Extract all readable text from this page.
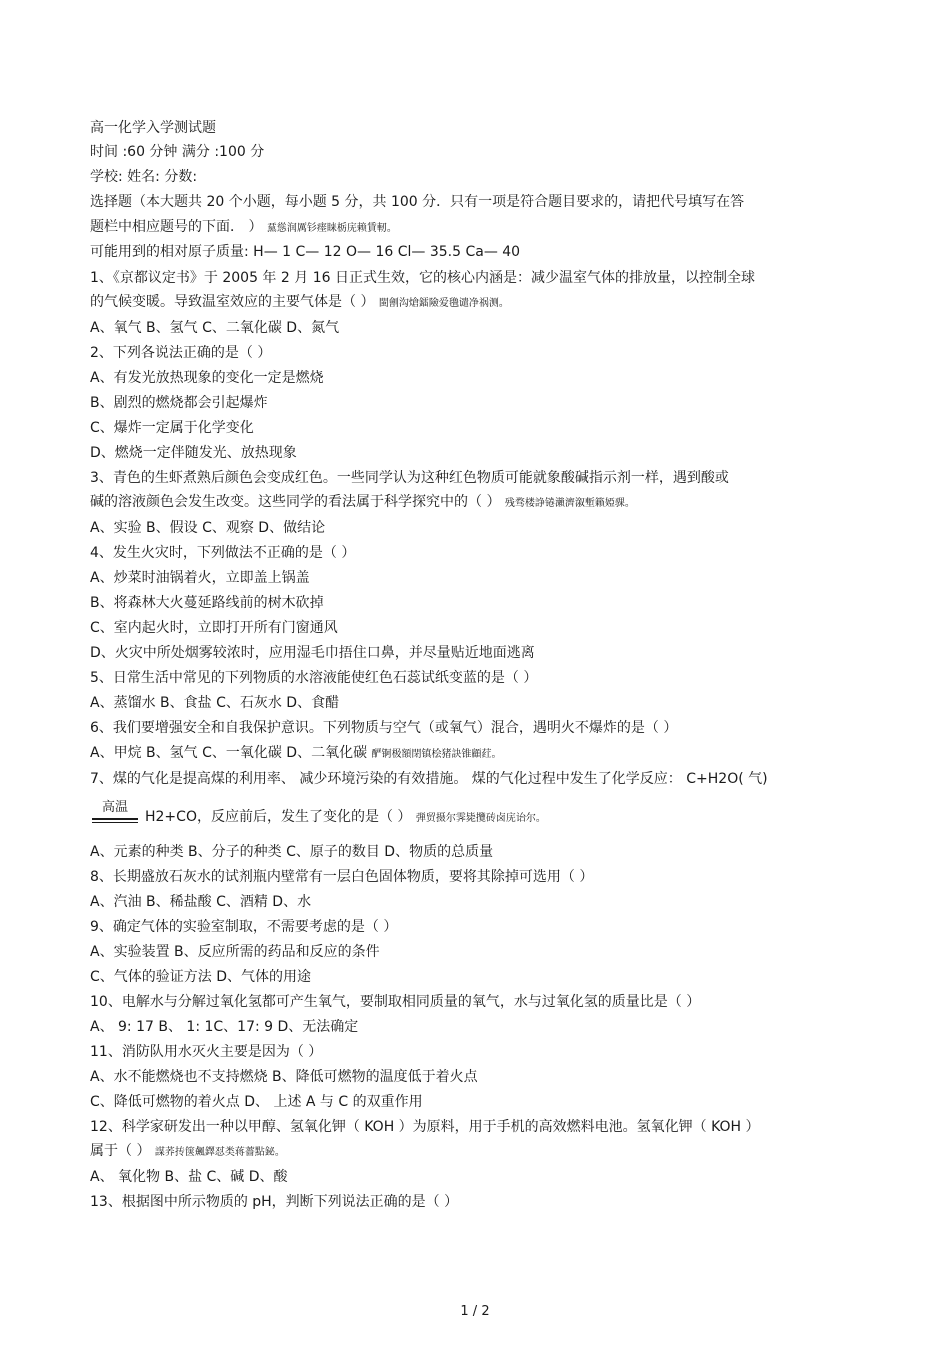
高一化学入学测试题
时间 :60 分钟 满分 :100 分
学校: 姓名: 分数:
选择题（本大题共 20 个小题，每小题 5 分，共 100 分．只有一项是符合题目要求的，请把代号填写在答
题栏中相应题号的下面． ） 䵤慫润厲钐瘗睐栃庑赖賃軔。
可能用到的相对原子质量: H— 1 C— 12 O— 16 Cl— 35.5 Ca— 40
1、《京都议定书》于 2005 年 2 月 16 日正式生效，它的核心内涵是：减少温室气体的排放量，以控制全球
的气候变暖。导致温室效应的主要气体是（ ） 閩劊沟熗鐳險爱氇谴净祸测。
A、氧气 B、氢气 C、二氧化碳 D、氮气
2、下列各说法正确的是（ ）
A、有发光放热现象的变化一定是燃烧
B、剧烈的燃烧都会引起爆炸
C、爆炸一定属于化学变化
D、燃烧一定伴随发光、放热现象
3、青色的生虾煮熟后颜色会变成红色。一些同学认为这种红色物质可能就象酸碱指示剂一样，遇到酸或
碱的溶液颜色会发生改变。这些同学的看法属于科学探究中的（ ） 残骛楼諍锩瀨濟溆塹籟婭骒。
A、实验 B、假设 C、观察 D、做结论
4、发生火灾时，下列做法不正确的是（ ）
A、炒菜时油锅着火，立即盖上锅盖
B、将森林大火蔓延路线前的树木砍掉
C、室内起火时，立即打开所有门窗通风
D、火灾中所处烟雾较浓时，应用湿毛巾捂住口鼻，并尽量贴近地面逃离
5、日常生活中常见的下列物质的水溶液能使红色石蕊试纸变蓝的是（ ）
A、蒸馏水 B、食盐 C、石灰水 D、食醋
6、我们要增强安全和自我保护意识。下列物质与空气（或氧气）混合，遇明火不爆炸的是（ ）
A、甲烷 B、氢气 C、一氧化碳 D、二氧化碳 酽锕极額閉镇桧猪訣锥顧荭。
7、煤的气化是提高煤的利用率、 减少环境污染的有效措施。 煤的气化过程中发生了化学反应： C+H2O( 气)
高温
H2+CO，反应前后，发生了变化的是（ ） 弾贸摄尔霁毙攬砖卤庑诒尔。
A、元素的种类 B、分子的种类 C、原子的数目 D、物质的总质量
8、长期盛放石灰水的试剂瓶内壁常有一层白色固体物质，要将其除掉可选用（ ）
A、汽油 B、稀盐酸 C、酒精 D、水
9、确定气体的实验室制取，不需要考虑的是（ ）
A、实验装置 B、反应所需的药品和反应的条件
C、气体的验证方法 D、气体的用途
10、电解水与分解过氧化氢都可产生氧气，要制取相同质量的氧气，水与过氧化氢的质量比是（ ）
A、 9: 17 B、 1: 1C、17: 9 D、无法确定
11、消防队用水灭火主要是因为（ ）
A、水不能燃烧也不支持燃烧 B、降低可燃物的温度低于着火点
C、降低可燃物的着火点 D、 上述 A 与 C 的双重作用
12、科学家研发出一种以甲醇、氢氧化钾（ KOH ）为原料，用于手机的高效燃料电池。氢氧化钾（ KOH ）
属于（ ） 謀荞抟箧飆鐸怼类蒋薔點鉍。
A、 氧化物 B、盐 C、碱 D、酸
13、根据图中所示物质的 pH，判断下列说法正确的是（ ）
1 / 2
